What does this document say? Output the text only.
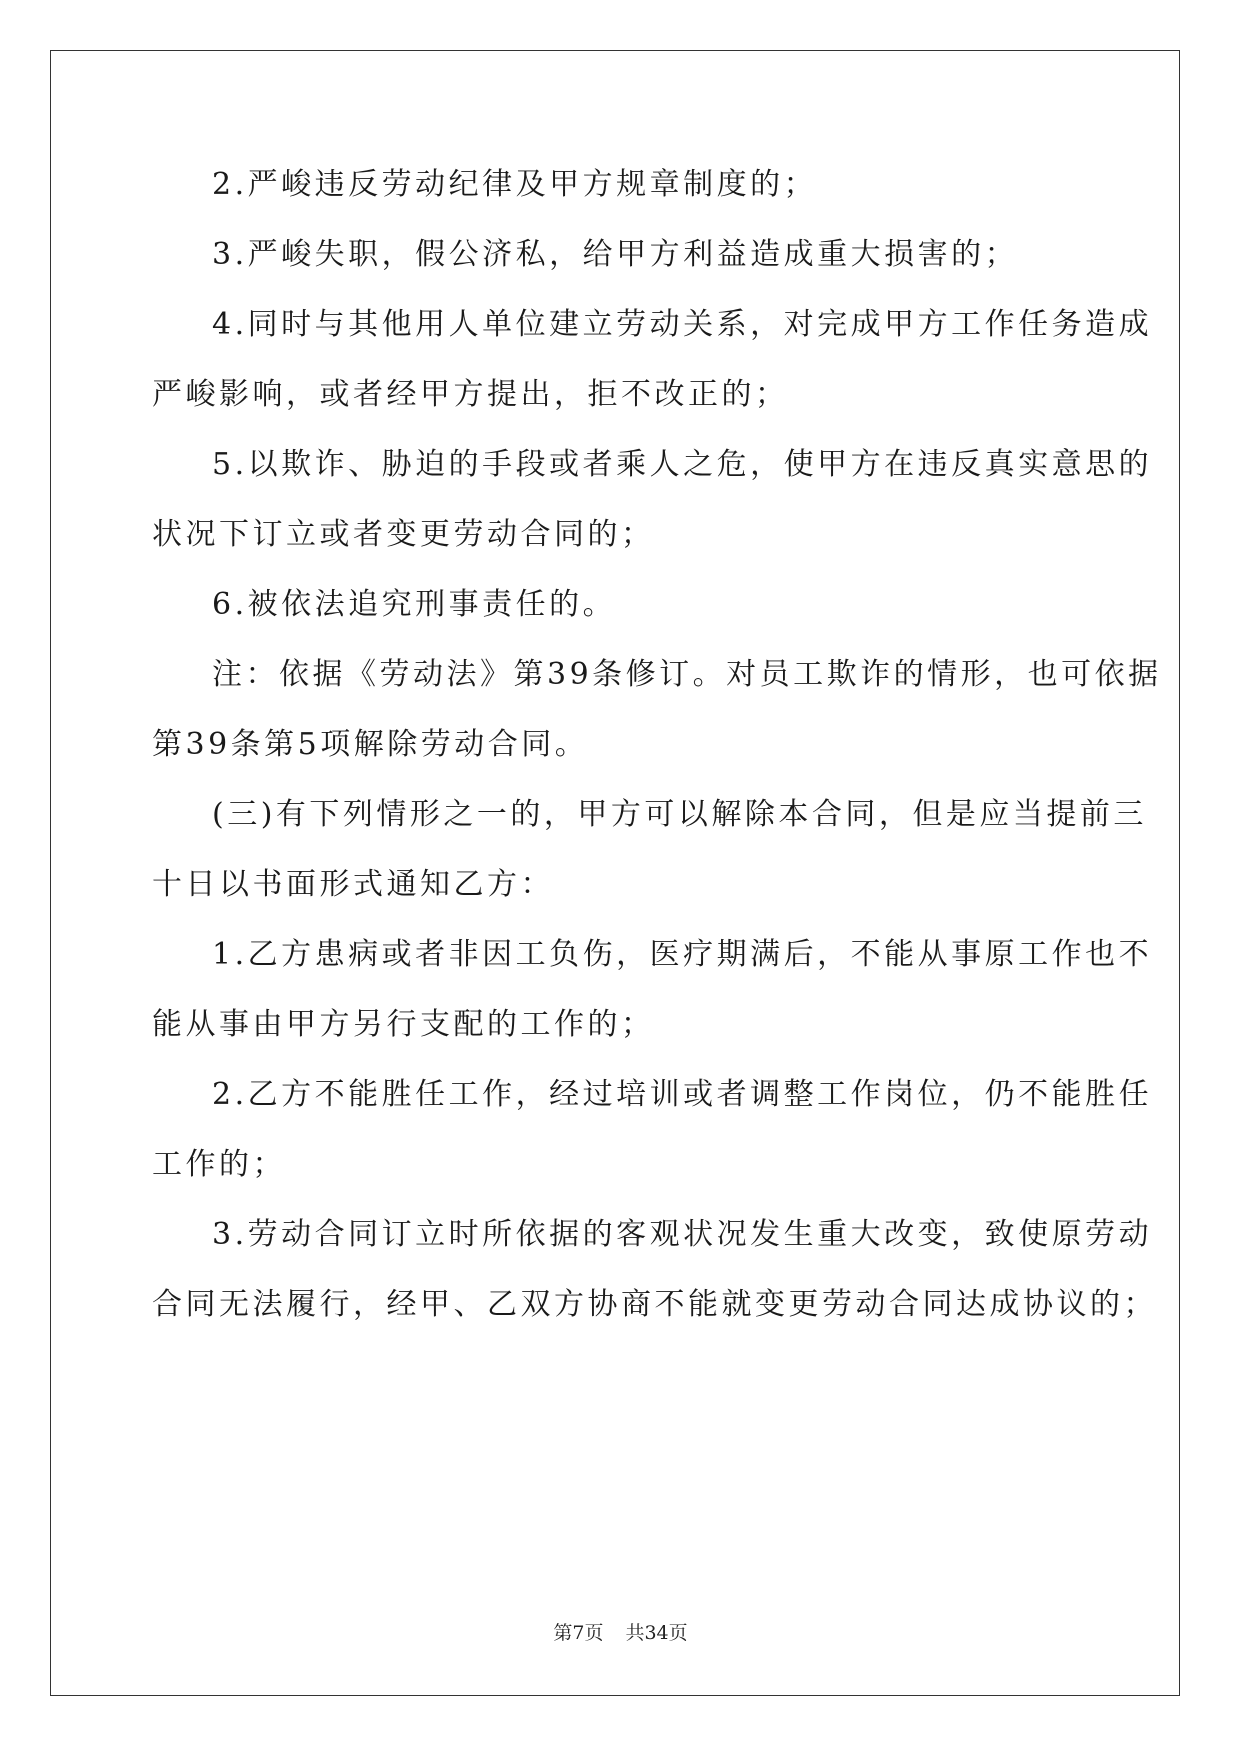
2.严峻违反劳动纪律及甲方规章制度的；
3.严峻失职，假公济私，给甲方利益造成重大损害的；
4.同时与其他用人单位建立劳动关系，对完成甲方工作任务造成
严峻影响，或者经甲方提出，拒不改正的；
5.以欺诈、胁迫的手段或者乘人之危，使甲方在违反真实意思的
状况下订立或者变更劳动合同的；
6.被依法追究刑事责任的。
注：依据《劳动法》第39条修订。对员工欺诈的情形，也可依据
第39条第5项解除劳动合同。
(三)有下列情形之一的，甲方可以解除本合同，但是应当提前三
十日以书面形式通知乙方：
1.乙方患病或者非因工负伤，医疗期满后，不能从事原工作也不
能从事由甲方另行支配的工作的；
2.乙方不能胜任工作，经过培训或者调整工作岗位，仍不能胜任
工作的；
3.劳动合同订立时所依据的客观状况发生重大改变，致使原劳动
合同无法履行，经甲、乙双方协商不能就变更劳动合同达成协议的；
第7页 共34页
